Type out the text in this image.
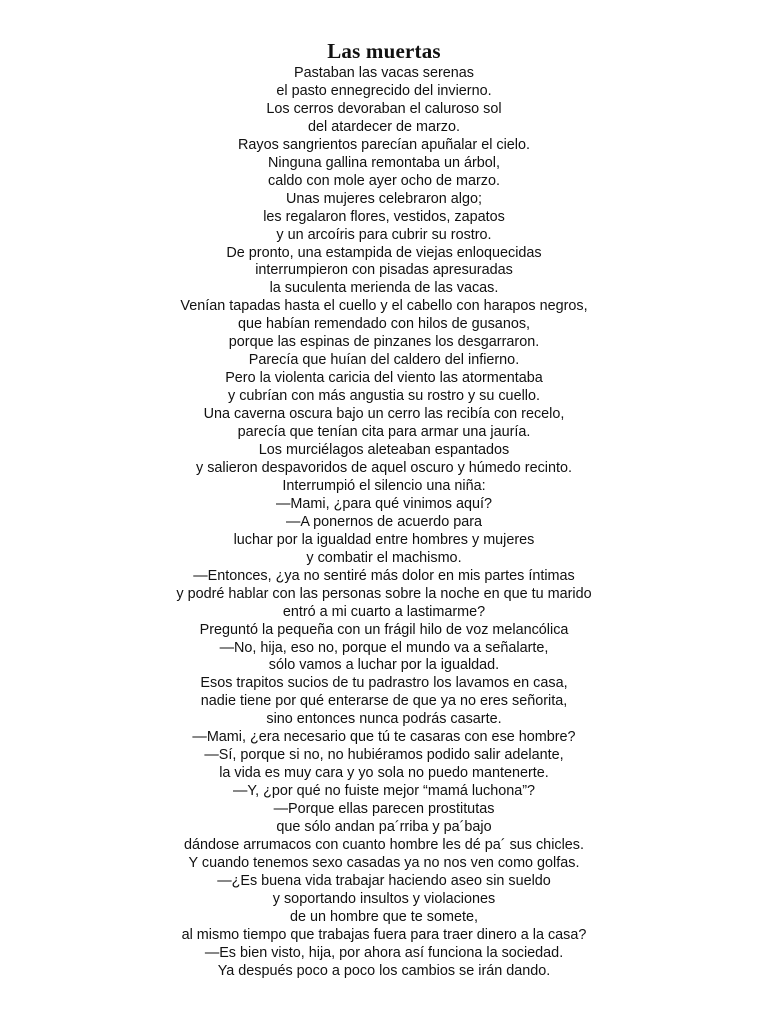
Las muertas
Pastaban las vacas serenas
el pasto ennegrecido del invierno.
Los cerros devoraban el caluroso sol
del atardecer de marzo.
Rayos sangrientos parecían apuñalar el cielo.
Ninguna gallina remontaba un árbol,
caldo con mole ayer ocho de marzo.
Unas mujeres celebraron algo;
les regalaron flores, vestidos, zapatos
y un arcoíris para cubrir su rostro.
De pronto, una estampida de viejas enloquecidas
interrumpieron con pisadas apresuradas
la suculenta merienda de las vacas.
Venían tapadas hasta el cuello y el cabello con harapos negros,
que habían remendado con hilos de gusanos,
porque las espinas de pinzanes los desgarraron.
Parecía que huían del caldero del infierno.
Pero la violenta caricia del viento las atormentaba
y cubrían con más angustia su rostro y su cuello.
Una caverna oscura bajo un cerro las recibía con recelo,
parecía que tenían cita para armar una jauría.
Los murciélagos aleteaban espantados
y salieron despavoridos de aquel oscuro y húmedo recinto.
Interrumpió el silencio una niña:
—Mami, ¿para qué vinimos aquí?
—A ponernos de acuerdo para
luchar por la igualdad entre hombres y mujeres
y combatir el machismo.
—Entonces, ¿ya no sentiré más dolor en mis partes íntimas
y podré hablar con las personas sobre la noche en que tu marido
entró a mi cuarto a lastimarme?
Preguntó la pequeña con un frágil hilo de voz melancólica
—No, hija, eso no, porque el mundo va a señalarte,
sólo vamos a luchar por la igualdad.
Esos trapitos sucios de tu padrastro los lavamos en casa,
nadie tiene por qué enterarse de que ya no eres señorita,
sino entonces nunca podrás casarte.
—Mami, ¿era necesario que tú te casaras con ese hombre?
—Sí, porque si no, no hubiéramos podido salir adelante,
la vida es muy cara y yo sola no puedo mantenerte.
—Y, ¿por qué no fuiste mejor “mamá luchona”?
—Porque ellas parecen prostitutas
que sólo andan pa´rriba y pa´bajo
dándose arrumacos con cuanto hombre les dé pa´ sus chicles.
Y cuando tenemos sexo casadas ya no nos ven como golfas.
—¿Es buena vida trabajar haciendo aseo sin sueldo
y soportando insultos y violaciones
de un hombre que te somete,
al mismo tiempo que trabajas fuera para traer dinero a la casa?
—Es bien visto, hija, por ahora así funciona la sociedad.
Ya después poco a poco los cambios se irán dando.
